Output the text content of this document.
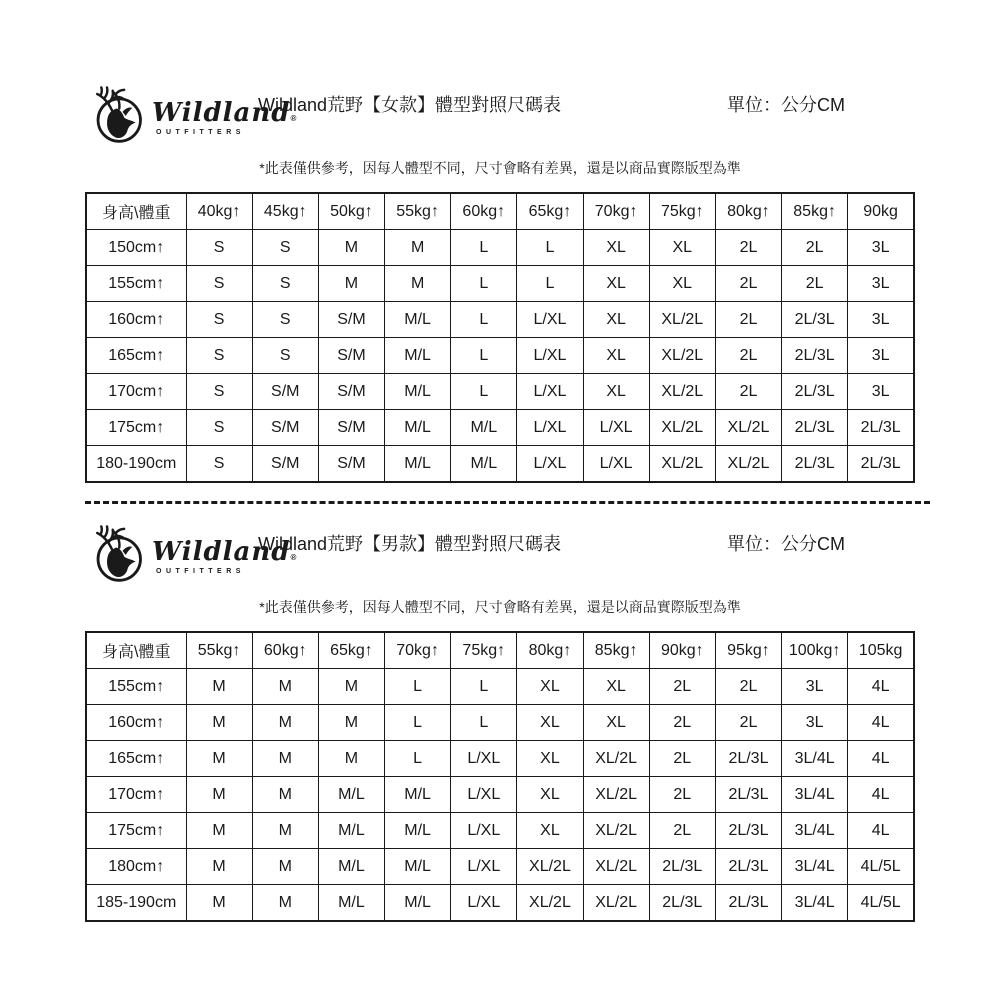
Wildland®
OUTFITTERS
Wildland荒野【女款】體型對照尺碼表	單位：公分CM
*此表僅供參考，因每人體型不同，尺寸會略有差異，還是以商品實際版型為準
身高\體重	40kg↑	45kg↑	50kg↑	55kg↑	60kg↑	65kg↑	70kg↑	75kg↑	80kg↑	85kg↑	90kg
150cm↑	S	S	M	M	L	L	XL	XL	2L	2L	3L
155cm↑	S	S	M	M	L	L	XL	XL	2L	2L	3L
160cm↑	S	S	S/M	M/L	L	L/XL	XL	XL/2L	2L	2L/3L	3L
165cm↑	S	S	S/M	M/L	L	L/XL	XL	XL/2L	2L	2L/3L	3L
170cm↑	S	S/M	S/M	M/L	L	L/XL	XL	XL/2L	2L	2L/3L	3L
175cm↑	S	S/M	S/M	M/L	M/L	L/XL	L/XL	XL/2L	XL/2L	2L/3L	2L/3L
180-190cm	S	S/M	S/M	M/L	M/L	L/XL	L/XL	XL/2L	XL/2L	2L/3L	2L/3L
Wildland®
OUTFITTERS
Wildland荒野【男款】體型對照尺碼表	單位：公分CM
*此表僅供參考，因每人體型不同，尺寸會略有差異，還是以商品實際版型為準
身高\體重	55kg↑	60kg↑	65kg↑	70kg↑	75kg↑	80kg↑	85kg↑	90kg↑	95kg↑	100kg↑	105kg
155cm↑	M	M	M	L	L	XL	XL	2L	2L	3L	4L
160cm↑	M	M	M	L	L	XL	XL	2L	2L	3L	4L
165cm↑	M	M	M	L	L/XL	XL	XL/2L	2L	2L/3L	3L/4L	4L
170cm↑	M	M	M/L	M/L	L/XL	XL	XL/2L	2L	2L/3L	3L/4L	4L
175cm↑	M	M	M/L	M/L	L/XL	XL	XL/2L	2L	2L/3L	3L/4L	4L
180cm↑	M	M	M/L	M/L	L/XL	XL/2L	XL/2L	2L/3L	2L/3L	3L/4L	4L/5L
185-190cm	M	M	M/L	M/L	L/XL	XL/2L	XL/2L	2L/3L	2L/3L	3L/4L	4L/5L
